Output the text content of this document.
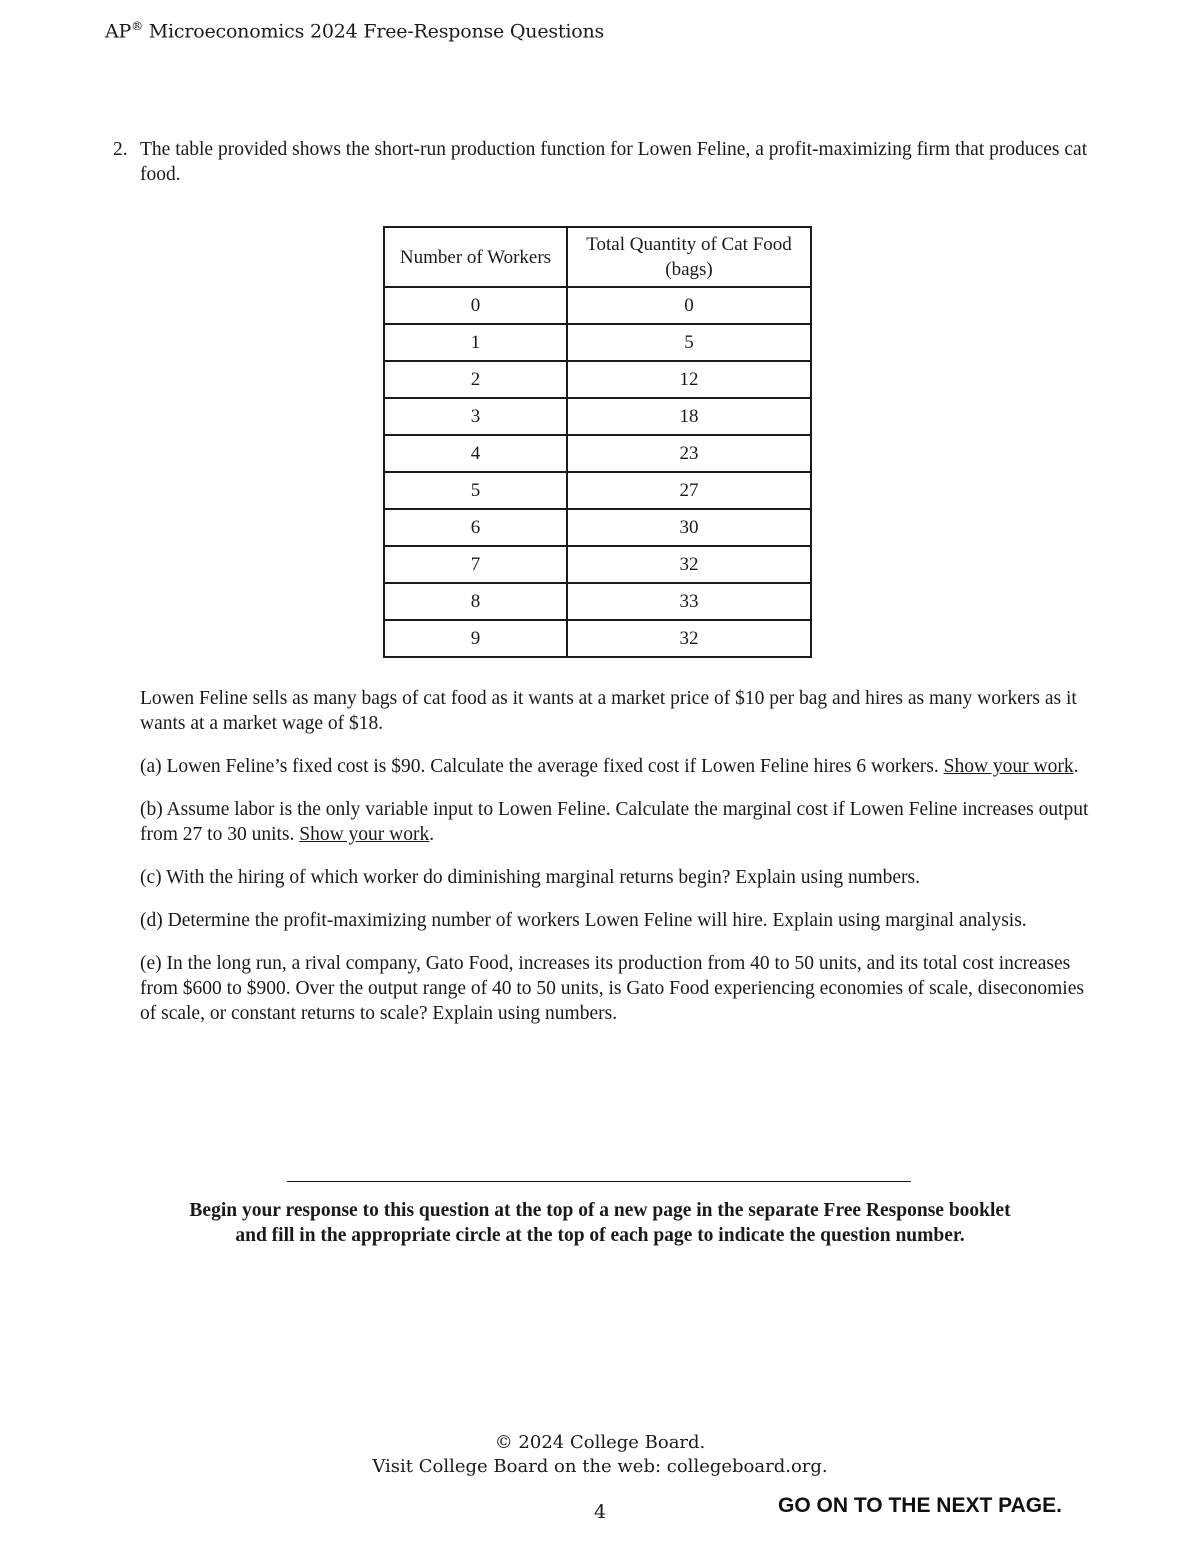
AP® Microeconomics 2024 Free-Response Questions
2. The table provided shows the short-run production function for Lowen Feline, a profit-maximizing firm that produces cat food.
Number of Workers	Total Quantity of Cat Food (bags)
0	0
1	5
2	12
3	18
4	23
5	27
6	30
7	32
8	33
9	32

Lowen Feline sells as many bags of cat food as it wants at a market price of $10 per bag and hires as many workers as it wants at a market wage of $18.

(a) Lowen Feline’s fixed cost is $90. Calculate the average fixed cost if Lowen Feline hires 6 workers. Show your work.

(b) Assume labor is the only variable input to Lowen Feline. Calculate the marginal cost if Lowen Feline increases output from 27 to 30 units. Show your work.

(c) With the hiring of which worker do diminishing marginal returns begin? Explain using numbers.

(d) Determine the profit-maximizing number of workers Lowen Feline will hire. Explain using marginal analysis.

(e) In the long run, a rival company, Gato Food, increases its production from 40 to 50 units, and its total cost increases from $600 to $900. Over the output range of 40 to 50 units, is Gato Food experiencing economies of scale, diseconomies of scale, or constant returns to scale? Explain using numbers.

Begin your response to this question at the top of a new page in the separate Free Response booklet
and fill in the appropriate circle at the top of each page to indicate the question number.
© 2024 College Board.
Visit College Board on the web: collegeboard.org.
4	GO ON TO THE NEXT PAGE.
